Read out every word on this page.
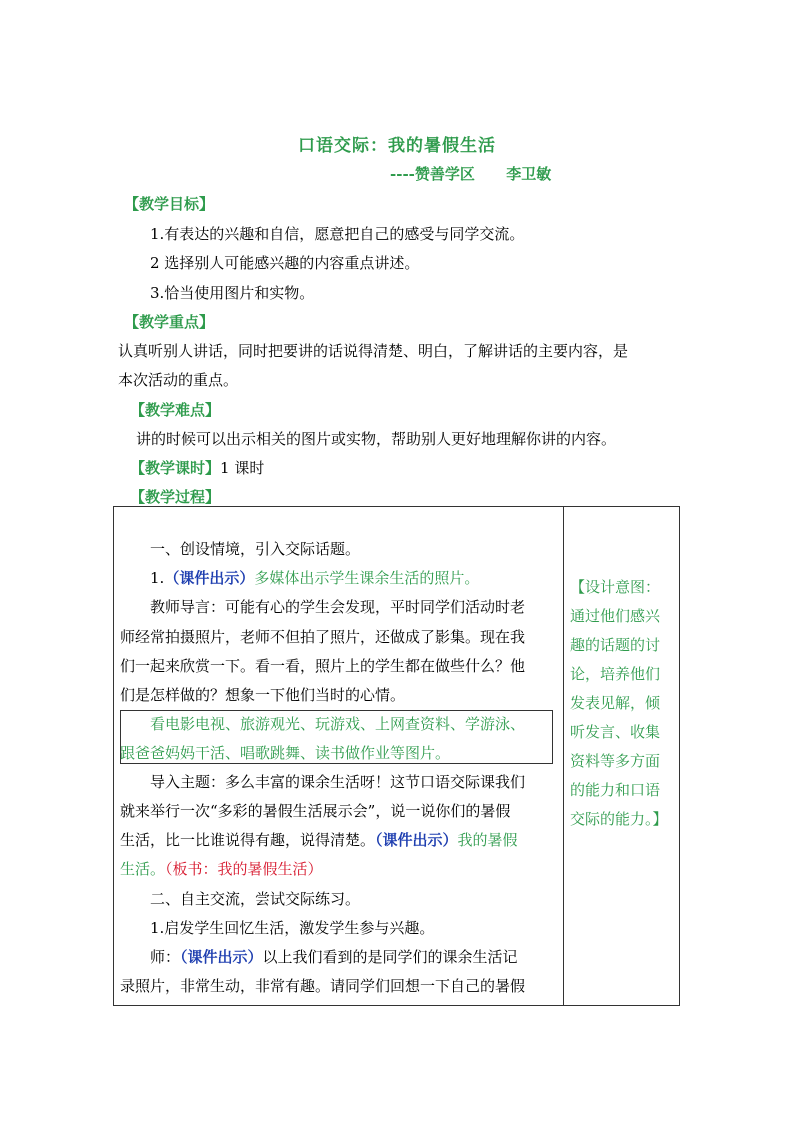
口语交际：我的暑假生活
----赞善学区      李卫敏
【教学目标】
1.有表达的兴趣和自信，愿意把自己的感受与同学交流。
2 选择别人可能感兴趣的内容重点讲述。
3.恰当使用图片和实物。
【教学重点】
认真听别人讲话，同时把要讲的话说得清楚、明白，了解讲话的主要内容，是
本次活动的重点。
【教学难点】
讲的时候可以出示相关的图片或实物，帮助别人更好地理解你讲的内容。
【教学课时】1 课时
【教学过程】
一、创设情境，引入交际话题。
1.（课件出示）多媒体出示学生课余生活的照片。
教师导言：可能有心的学生会发现，平时同学们活动时老
师经常拍摄照片，老师不但拍了照片，还做成了影集。现在我
们一起来欣赏一下。看一看，照片上的学生都在做些什么？他
们是怎样做的？想象一下他们当时的心情。
看电影电视、旅游观光、玩游戏、上网查资料、学游泳、
跟爸爸妈妈干活、唱歌跳舞、读书做作业等图片。
导入主题：多么丰富的课余生活呀！这节口语交际课我们
就来举行一次“多彩的暑假生活展示会”，说一说你们的暑假
生活，比一比谁说得有趣，说得清楚。（课件出示）我的暑假
生活。（板书：我的暑假生活）
二、自主交流，尝试交际练习。
1.启发学生回忆生活，激发学生参与兴趣。
师：（课件出示）以上我们看到的是同学们的课余生活记
录照片，非常生动，非常有趣。请同学们回想一下自己的暑假
【设计意图：
通过他们感兴
趣的话题的讨
论，培养他们
发表见解，倾
听发言、收集
资料等多方面
的能力和口语
交际的能力。】
